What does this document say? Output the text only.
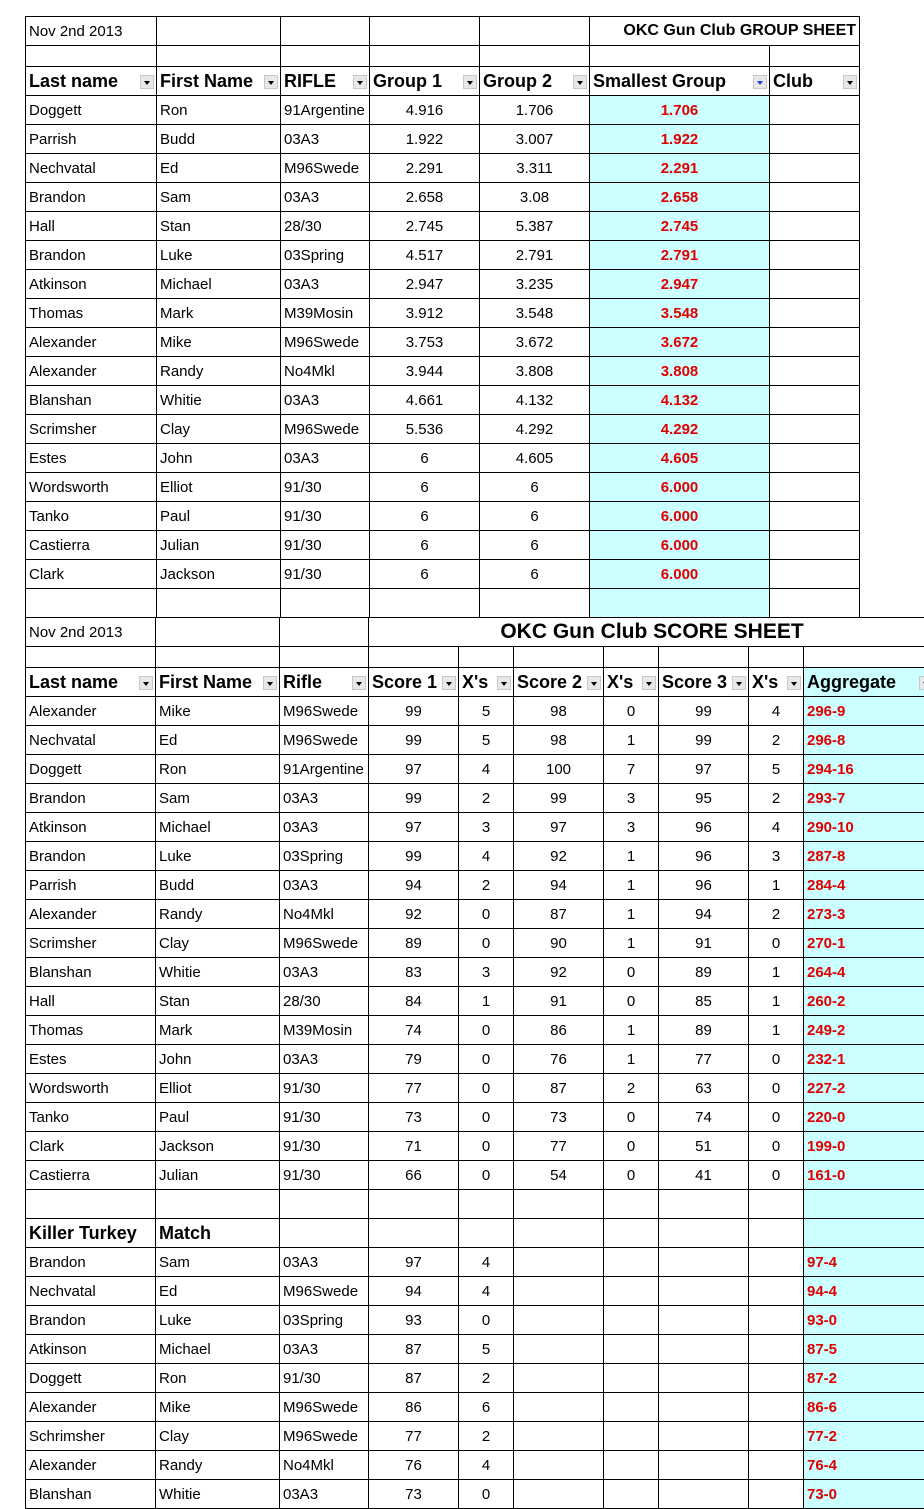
Nov 2nd 2013					OKC Gun Club GROUP SHEET	

Last name	First Name	RIFLE	Group 1	Group 2	Smallest Group	Club

Doggett	Ron	91Argentine	4.916	1.706	1.706	
Parrish	Budd	03A3	1.922	3.007	1.922	
Nechvatal	Ed	M96Swede	2.291	3.311	2.291	
Brandon	Sam	03A3	2.658	3.08	2.658	
Hall	Stan	28/30	2.745	5.387	2.745	
Brandon	Luke	03Spring	4.517	2.791	2.791	
Atkinson	Michael	03A3	2.947	3.235	2.947	
Thomas	Mark	M39Mosin	3.912	3.548	3.548	
Alexander	Mike	M96Swede	3.753	3.672	3.672	
Alexander	Randy	No4Mkl	3.944	3.808	3.808	
Blanshan	Whitie	03A3	4.661	4.132	4.132	
Scrimsher	Clay	M96Swede	5.536	4.292	4.292	
Estes	John	03A3	6	4.605	4.605	
Wordsworth	Elliot	91/30	6	6	6.000	
Tanko	Paul	91/30	6	6	6.000	
Castierra	Julian	91/30	6	6	6.000	
Clark	Jackson	91/30	6	6	6.000	

Nov 2nd 2013			OKC Gun Club SCORE SHEET						

Last name	First Name	Rifle	Score 1	X's	Score 2	X's	Score 3	X's	Aggregate

Alexander	Mike	M96Swede	99	5	98	0	99	4	296-9
Nechvatal	Ed	M96Swede	99	5	98	1	99	2	296-8
Doggett	Ron	91Argentine	97	4	100	7	97	5	294-16
Brandon	Sam	03A3	99	2	99	3	95	2	293-7
Atkinson	Michael	03A3	97	3	97	3	96	4	290-10
Brandon	Luke	03Spring	99	4	92	1	96	3	287-8
Parrish	Budd	03A3	94	2	94	1	96	1	284-4
Alexander	Randy	No4Mkl	92	0	87	1	94	2	273-3
Scrimsher	Clay	M96Swede	89	0	90	1	91	0	270-1
Blanshan	Whitie	03A3	83	3	92	0	89	1	264-4
Hall	Stan	28/30	84	1	91	0	85	1	260-2
Thomas	Mark	M39Mosin	74	0	86	1	89	1	249-2
Estes	John	03A3	79	0	76	1	77	0	232-1
Wordsworth	Elliot	91/30	77	0	87	2	63	0	227-2
Tanko	Paul	91/30	73	0	73	0	74	0	220-0
Clark	Jackson	91/30	71	0	77	0	51	0	199-0
Castierra	Julian	91/30	66	0	54	0	41	0	161-0

Killer Turkey	Match								
Brandon	Sam	03A3	97	4					97-4
Nechvatal	Ed	M96Swede	94	4					94-4
Brandon	Luke	03Spring	93	0					93-0
Atkinson	Michael	03A3	87	5					87-5
Doggett	Ron	91/30	87	2					87-2
Alexander	Mike	M96Swede	86	6					86-6
Schrimsher	Clay	M96Swede	77	2					77-2
Alexander	Randy	No4Mkl	76	4					76-4
Blanshan	Whitie	03A3	73	0					73-0
